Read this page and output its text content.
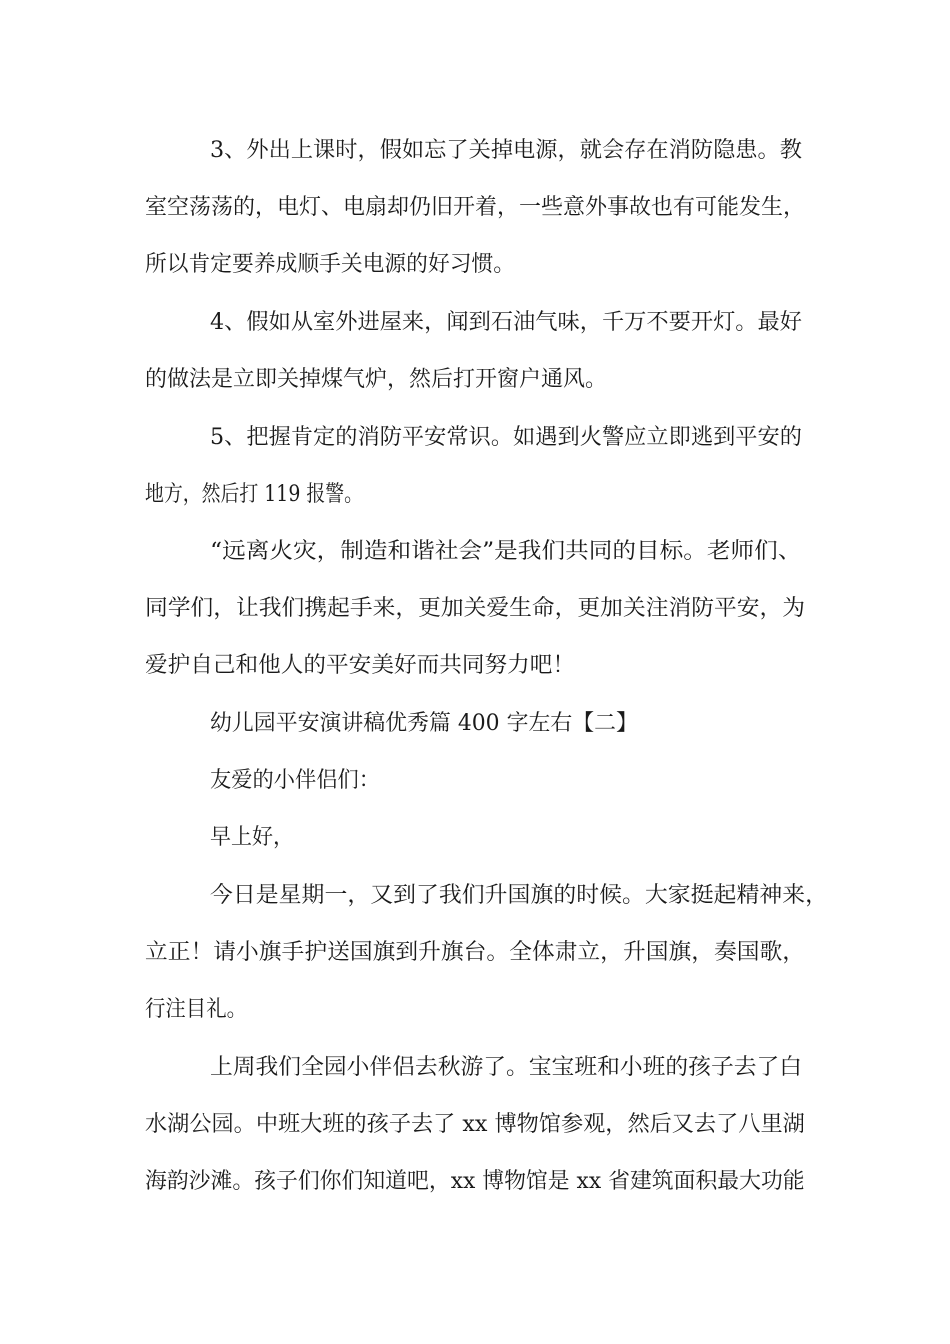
3、外出上课时，假如忘了关掉电源，就会存在消防隐患。教
室空荡荡的，电灯、电扇却仍旧开着，一些意外事故也有可能发生，
所以肯定要养成顺手关电源的好习惯。
4、假如从室外进屋来，闻到石油气味，千万不要开灯。最好
的做法是立即关掉煤气炉，然后打开窗户通风。
5、把握肯定的消防平安常识。如遇到火警应立即逃到平安的
地方，然后打 119 报警。
“远离火灾，制造和谐社会”是我们共同的目标。老师们、
同学们，让我们携起手来，更加关爱生命，更加关注消防平安，为
爱护自己和他人的平安美好而共同努力吧！
幼儿园平安演讲稿优秀篇 400 字左右【二】
友爱的小伴侣们：
早上好，
今日是星期一，又到了我们升国旗的时候。大家挺起精神来，
立正！请小旗手护送国旗到升旗台。全体肃立，升国旗，奏国歌，
行注目礼。
上周我们全园小伴侣去秋游了。宝宝班和小班的孩子去了白
水湖公园。中班大班的孩子去了 xx 博物馆参观，然后又去了八里湖
海韵沙滩。孩子们你们知道吧，xx 博物馆是 xx 省建筑面积最大功能
